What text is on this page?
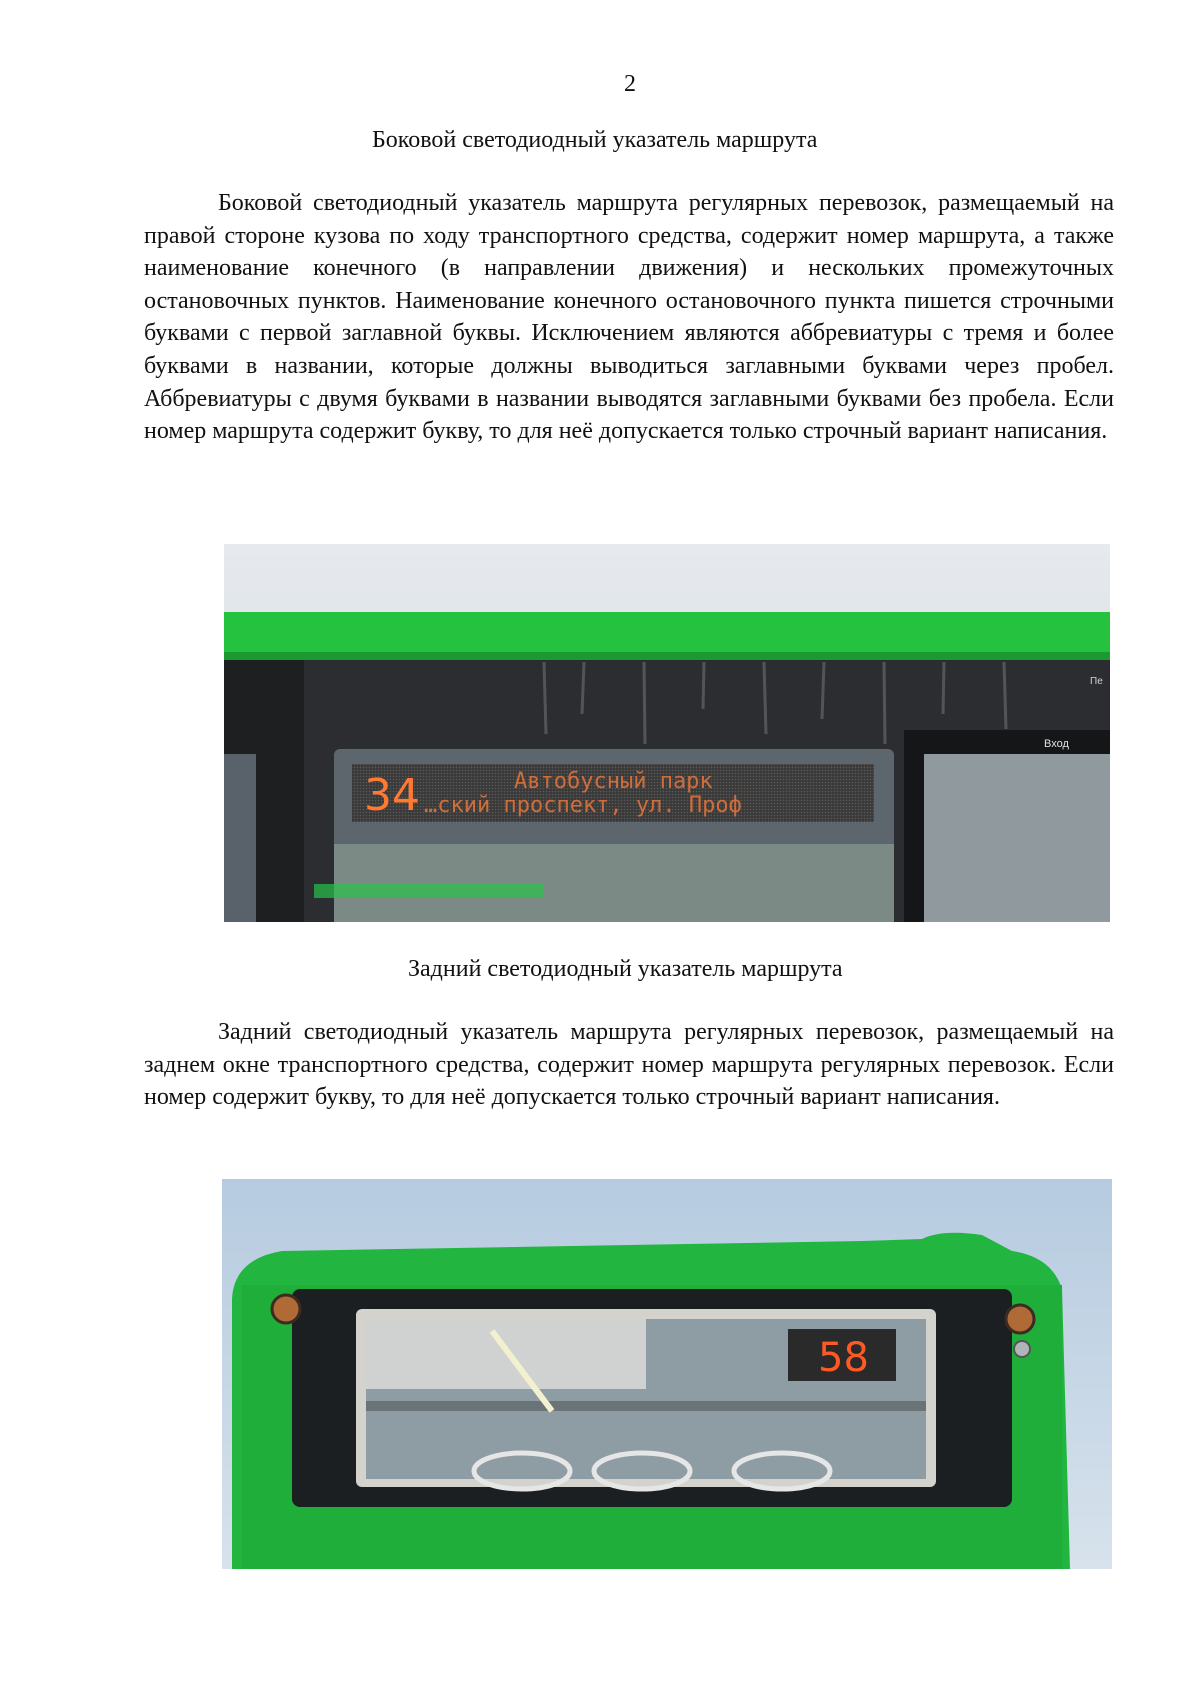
2
Боковой светодиодный указатель маршрута

Боковой светодиодный указатель маршрута регулярных перевозок, размещаемый на правой стороне кузова по ходу транспортного средства, содержит номер маршрута, а также наименование конечного (в направлении движения) и нескольких промежуточных остановочных пунктов. Наименование конечного остановочного пункта пишется строчными буквами с первой заглавной буквы. Исключением являются аббревиатуры с тремя и более буквами в названии, которые должны выводиться заглавными буквами через пробел. Аббревиатуры с двумя буквами в названии выводятся заглавными буквами без пробела. Если номер маршрута содержит букву, то для неё допускается только строчный вариант написания.

34	Автобусный парк
…ский проспект, ул. Проф
Вход
Пе
Задний светодиодный указатель маршрута

Задний светодиодный указатель маршрута регулярных перевозок, размещаемый на заднем окне транспортного средства, содержит номер маршрута регулярных перевозок. Если номер содержит букву, то для неё допускается только строчный вариант написания.

58
